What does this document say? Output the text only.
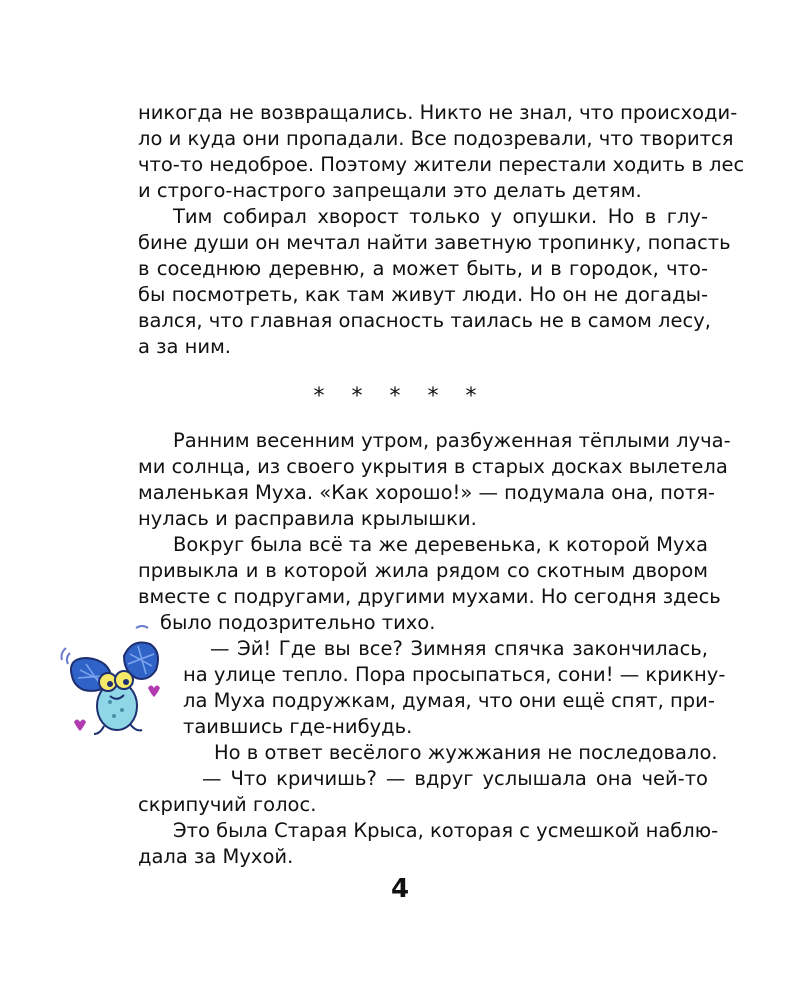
никогда не возвращались. Никто не знал, что происходи-

ло и куда они пропадали. Все подозревали, что творится

что-то недоброе. Поэтому жители перестали ходить в лес

и строго-настрого запрещали это делать детям.

Тим собирал хворост только у опушки. Но в глу-

бине души он мечтал найти заветную тропинку, попасть

в соседнюю деревню, а может быть, и в городок, что-

бы посмотреть, как там живут люди. Но он не догады-

вался, что главная опасность таилась не в самом лесу,

а за ним.

* * * * *

Ранним весенним утром, разбуженная тёплыми луча-

ми солнца, из своего укрытия в старых досках вылетела

маленькая Муха. «Как хорошо!» — подумала она, потя-

нулась и расправила крылышки.

Вокруг была всё та же деревенька, к которой Муха

привыкла и в которой жила рядом со скотным двором

вместе с подругами, другими мухами. Но сегодня здесь

было подозрительно тихо.

— Эй! Где вы все? Зимняя спячка закончилась,

на улице тепло. Пора просыпаться, сони! — крикну-

ла Муха подружкам, думая, что они ещё спят, при-

таившись где-нибудь.

Но в ответ весёлого жужжания не последовало.

— Что кричишь? — вдруг услышала она чей-то

скрипучий голос.

Это была Старая Крыса, которая с усмешкой наблю-

дала за Мухой.

4
